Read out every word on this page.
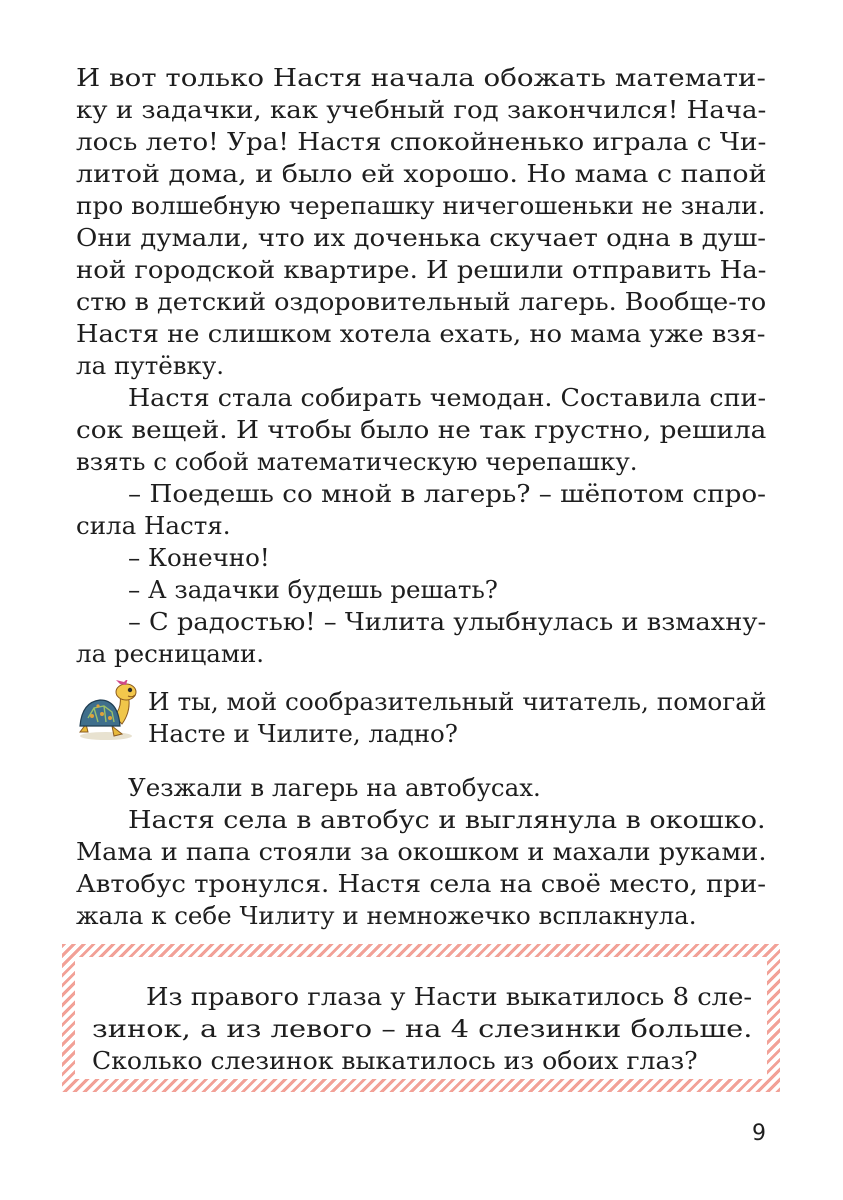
И вот только Настя начала обожать математи-
ку и задачки, как учебный год закончился! Нача-
лось лето! Ура! Настя спокойненько играла с Чи-
литой дома, и было ей хорошо. Но мама с папой
про волшебную черепашку ничегошеньки не знали.
Они думали, что их доченька скучает одна в душ-
ной городской квартире. И решили отправить На-
стю в детский оздоровительный лагерь. Вообще-то
Настя не слишком хотела ехать, но мама уже взя-
ла путёвку.
Настя стала собирать чемодан. Составила спи-
сок вещей. И чтобы было не так грустно, решила
взять с собой математическую черепашку.
– Поедешь со мной в лагерь? – шёпотом спро-
сила Настя.
– Конечно!
– А задачки будешь решать?
– С радостью! – Чилита улыбнулась и взмахну-
ла ресницами.
И ты, мой сообразительный читатель, помогай
Насте и Чилите, ладно?
Уезжали в лагерь на автобусах.
Настя села в автобус и выглянула в окошко.
Мама и папа стояли за окошком и махали руками.
Автобус тронулся. Настя села на своё место, при-
жала к себе Чилиту и немножечко всплакнула.
Из правого глаза у Насти выкатилось 8 сле-
зинок, а из левого – на 4 слезинки больше.
Сколько слезинок выкатилось из обоих глаз?
9
